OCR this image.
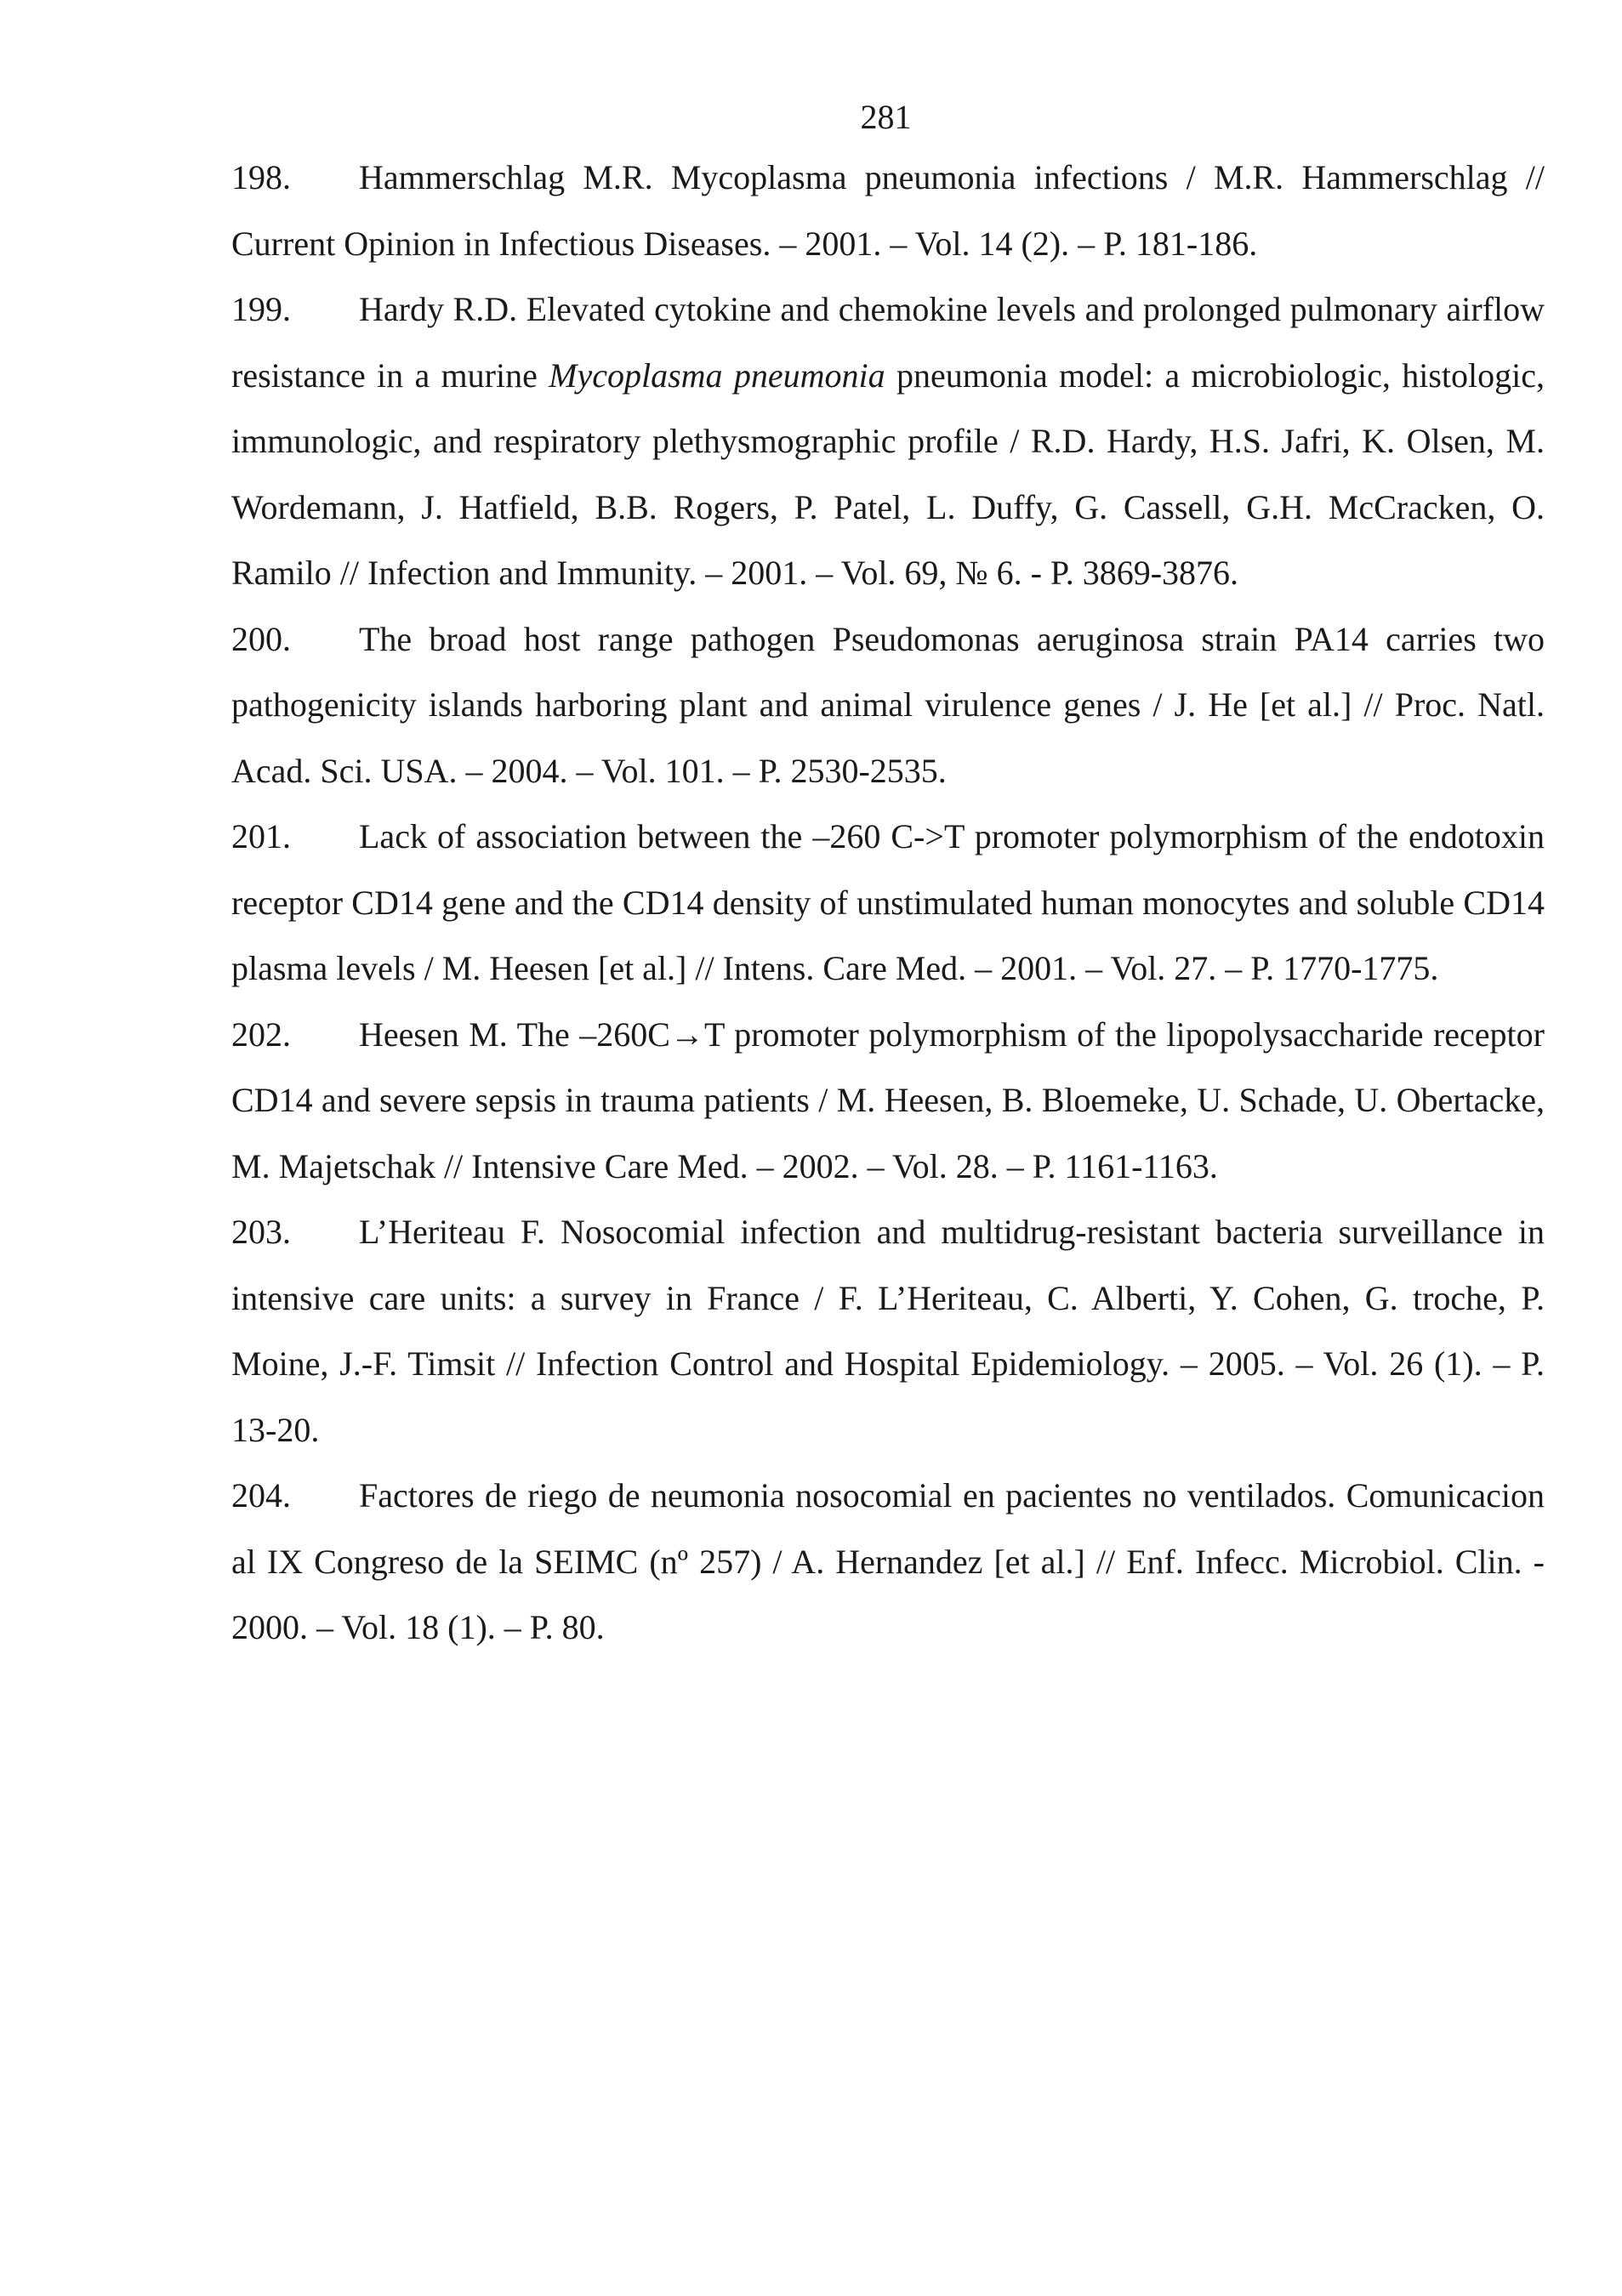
281

198. Hammerschlag M.R. Mycoplasma pneumonia infections / M.R. Hammerschlag // Current Opinion in Infectious Diseases. – 2001. – Vol. 14 (2). – P. 181-186.

199. Hardy R.D. Elevated cytokine and chemokine levels and prolonged pulmonary airflow resistance in a murine Mycoplasma pneumonia pneumonia model: a microbiologic, histologic, immunologic, and respiratory plethysmographic profile / R.D. Hardy, H.S. Jafri, K. Olsen, M. Wordemann, J. Hatfield, B.B. Rogers, P. Patel, L. Duffy, G. Cassell, G.H. McCracken, O. Ramilo // Infection and Immunity. – 2001. – Vol. 69, № 6. - P. 3869-3876.

200. The broad host range pathogen Pseudomonas aeruginosa strain PA14 carries two pathogenicity islands harboring plant and animal virulence genes / J. He [et al.] // Proc. Natl. Acad. Sci. USA. – 2004. – Vol. 101. – P. 2530-2535.

201. Lack of association between the –260 C->T promoter polymorphism of the endotoxin receptor CD14 gene and the CD14 density of unstimulated human monocytes and soluble CD14 plasma levels / M. Heesen [et al.] // Intens. Care Med. – 2001. – Vol. 27. – P. 1770-1775.

202. Heesen M. The –260C→T promoter polymorphism of the lipopolysaccharide receptor CD14 and severe sepsis in trauma patients / M. Heesen, B. Bloemeke, U. Schade, U. Obertacke, M. Majetschak // Intensive Care Med. – 2002. – Vol. 28. – P. 1161-1163.

203. L’Heriteau F. Nosocomial infection and multidrug-resistant bacteria surveillance in intensive care units: a survey in France / F. L’Heriteau, C. Alberti, Y. Cohen, G. troche, P. Moine, J.-F. Timsit // Infection Control and Hospital Epidemiology. – 2005. – Vol. 26 (1). – P. 13-20.

204. Factores de riego de neumonia nosocomial en pacientes no ventilados. Comunicacion al IX Congreso de la SEIMC (nº 257) / A. Hernandez [et al.] // Enf. Infecc. Microbiol. Clin. - 2000. – Vol. 18 (1). – P. 80.
